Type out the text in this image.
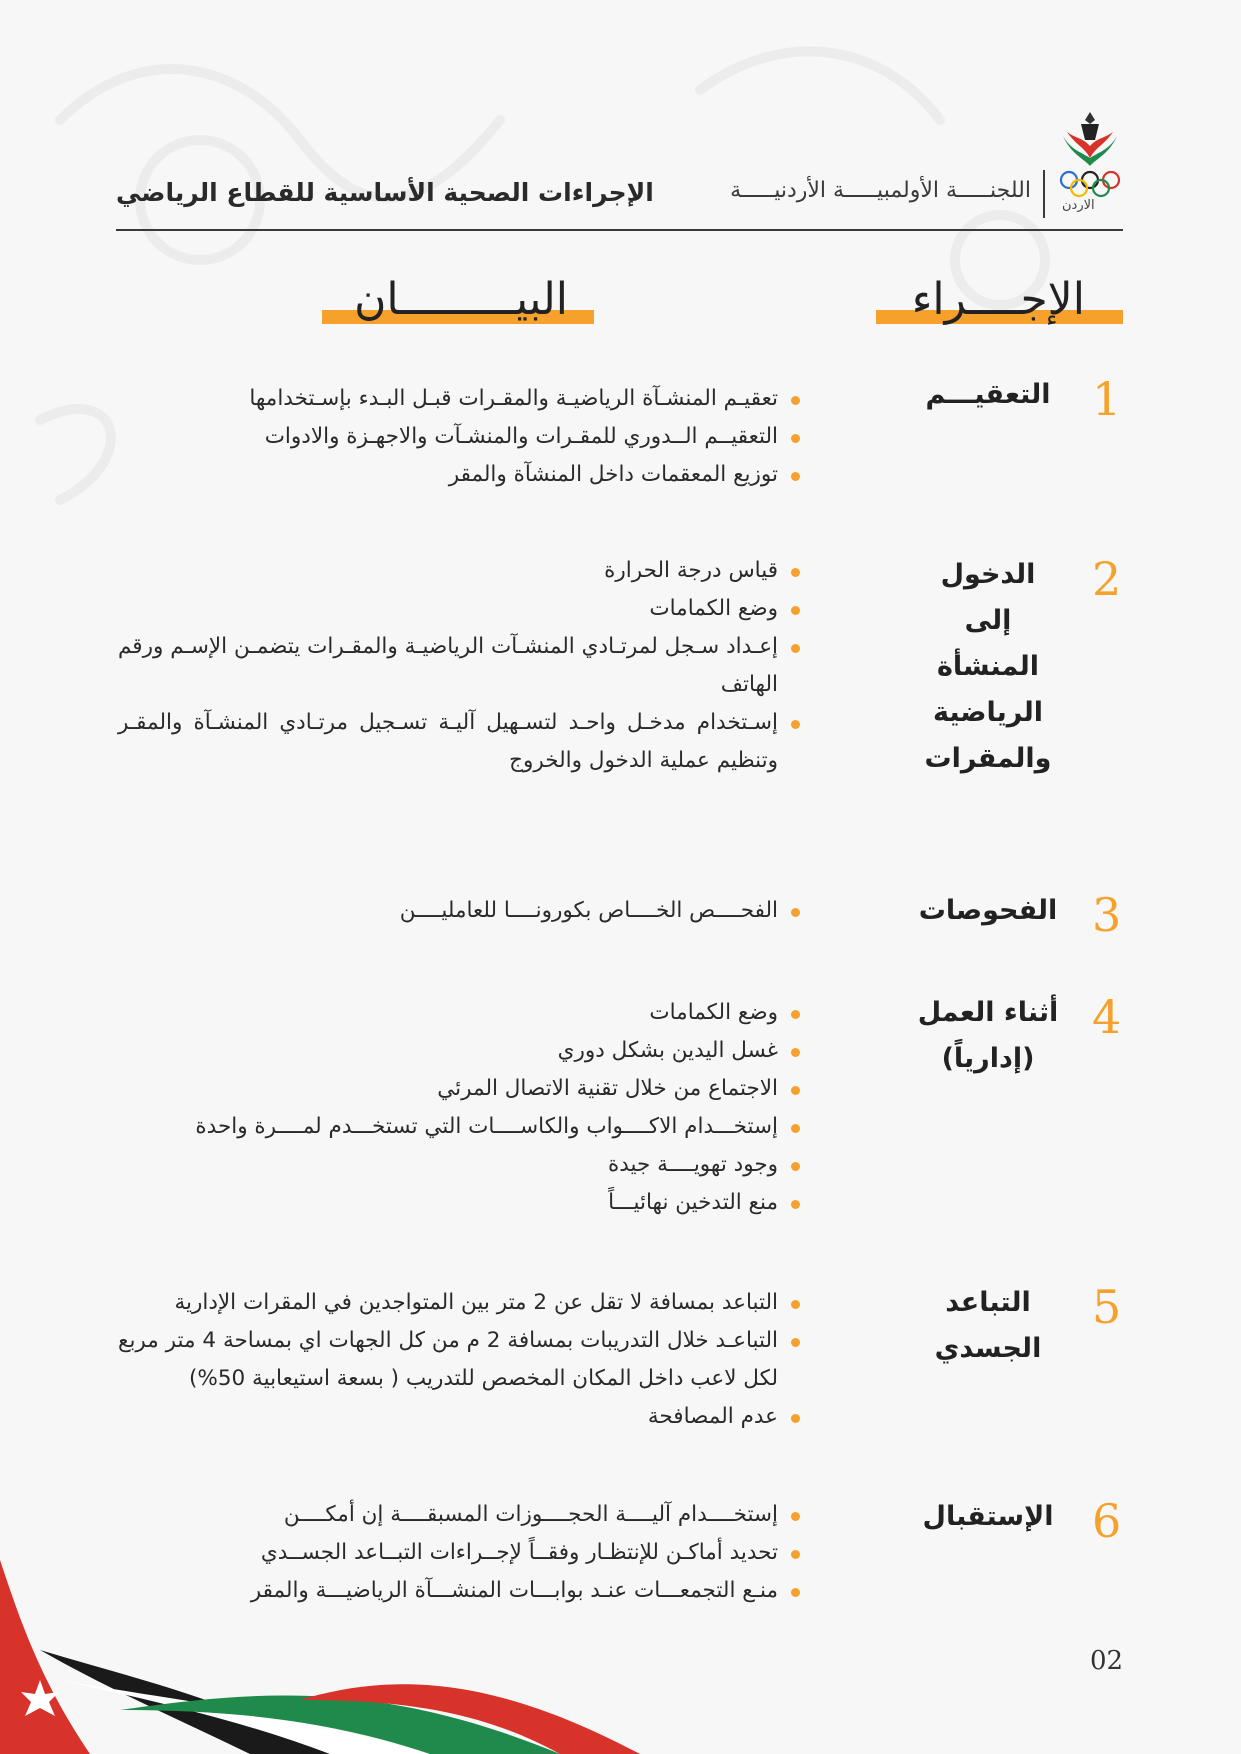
الإجراءات الصحية الأساسية للقطاع الرياضي	اللجنـــــة الأولمبيـــــة الأردنيـــــة
الاردن
الإجــــراء
البيـــــــــان
1
التعقيـــم
تعقيـم المنشـآة الرياضيـة والمقـرات قبـل البـدء بإسـتخدامها
التعقيــم الــدوري للمقـرات والمنشـآت والاجهـزة والادوات
توزيع المعقمات داخل المنشآة والمقر
2
الدخول إلى المنشأة الرياضية والمقرات
قياس درجة الحرارة
وضع الكمامات
إعـداد سـجل لمرتـادي المنشـآت الرياضيـة والمقـرات يتضمـن الإسـم ورقم الهاتف
إسـتخدام مدخـل واحـد لتسـهيل آليـة تسـجيل مرتـادي المنشـآة والمقـر وتنظيم عملية الدخول والخروج
3
الفحوصات
الفحــــص الخــــاص بكورونــــا للعامليــــن
4
أثناء العمل (إدارياً)
وضع الكمامات
غسل اليدين بشكل دوري
الاجتماع من خلال تقنية الاتصال المرئي
إستخـــدام الاكــــواب والكاســــات التي تستخـــدم لمــــرة واحدة
وجود تهويــــة جيدة
منع التدخين نهائيـــاً
5
التباعد الجسدي
التباعد بمسافة لا تقل عن 2 متر بين المتواجدين في المقرات الإدارية
التباعـد خلال التدريبات بمسافة 2 م من كل الجهات اي بمساحة 4 متر مربع لكل لاعب داخل المكان المخصص للتدريب ( بسعة استيعابية 50%)
عدم المصافحة
6
الإستقبال
إستخــــدام آليــــة الحجــــوزات المسبقــــة إن أمكــــن
تحديد أماكـن للإنتظـار وفقــاً لإجــراءات التبــاعد الجســدي
منـع التجمعـــات عنـد بوابـــات المنشـــآة الرياضيـــة والمقر
02
